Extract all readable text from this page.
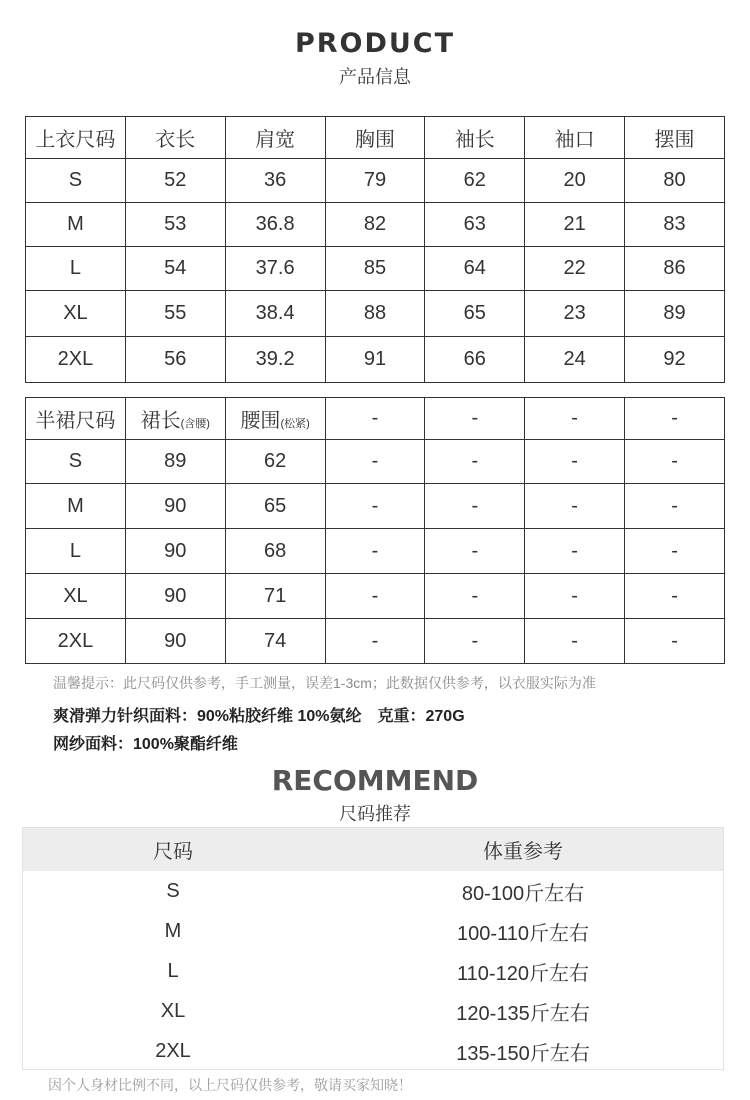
PRODUCT
产品信息
上衣尺码	衣长	肩宽	胸围	袖长	袖口	摆围
S	52	36	79	62	20	80
M	53	36.8	82	63	21	83
L	54	37.6	85	64	22	86
XL	55	38.4	88	65	23	89
2XL	56	39.2	91	66	24	92
半裙尺码	裙长(含腰)	腰围(松紧)	-	-	-	-
S	89	62	-	-	-	-
M	90	65	-	-	-	-
L	90	68	-	-	-	-
XL	90	71	-	-	-	-
2XL	90	74	-	-	-	-
温馨提示：此尺码仅供参考，手工测量，误差1-3cm；此数据仅供参考，以衣服实际为准
爽滑弹力针织面料：90%粘胶纤维 10%氨纶　克重：270G
网纱面料：100%聚酯纤维
RECOMMEND
尺码推荐
尺码	体重参考
S	80-100斤左右
M	100-110斤左右
L	110-120斤左右
XL	120-135斤左右
2XL	135-150斤左右
因个人身材比例不同，以上尺码仅供参考，敬请买家知晓！
